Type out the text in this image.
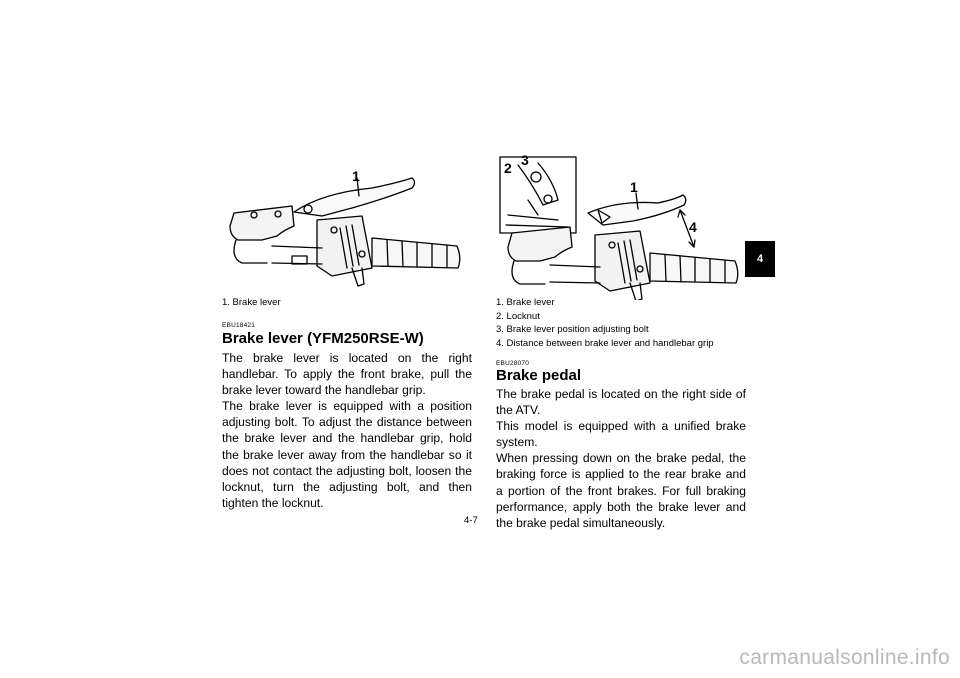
1
1. Brake lever
EBU18421
Brake lever (YFM250RSE-W)

The brake lever is located on the right handlebar. To apply the front brake, pull the brake lever toward the handlebar grip.

The brake lever is equipped with a position adjusting bolt. To adjust the distance between the brake lever and the handlebar grip, hold the brake lever away from the handlebar so it does not contact the adjusting bolt, loosen the locknut, turn the adjusting bolt, and then tighten the locknut.

2 3
1
4
1. Brake lever
2. Locknut
3. Brake lever position adjusting bolt
4. Distance between brake lever and handlebar grip
EBU28070
Brake pedal

The brake pedal is located on the right side of the ATV.

This model is equipped with a unified brake system.

When pressing down on the brake pedal, the braking force is applied to the rear brake and a portion of the front brakes. For full braking performance, apply both the brake lever and the brake pedal simultaneously.

4
4-7
carmanualsonline.info
